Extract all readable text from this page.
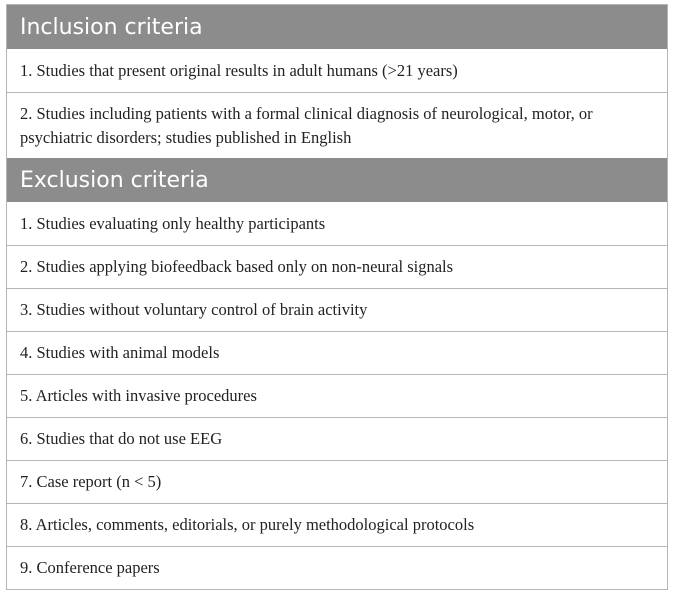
Inclusion criteria
1. Studies that present original results in adult humans (>21 years)
2. Studies including patients with a formal clinical diagnosis of neurological, motor, or psychiatric disorders; studies published in English
Exclusion criteria
1. Studies evaluating only healthy participants
2. Studies applying biofeedback based only on non-neural signals
3. Studies without voluntary control of brain activity
4. Studies with animal models
5. Articles with invasive procedures
6. Studies that do not use EEG
7. Case report (n < 5)
8. Articles, comments, editorials, or purely methodological protocols
9. Conference papers
